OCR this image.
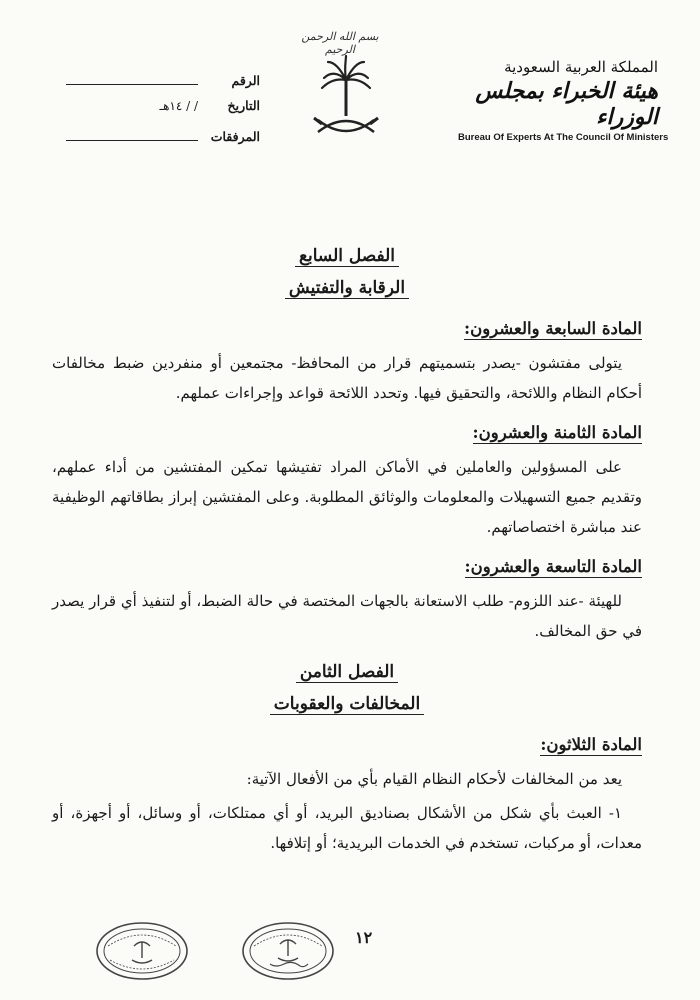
بسم الله الرحمن الرحيم
المملكة العربية السعودية
هيئة الخبراء بمجلس الوزراء
Bureau Of Experts At The Council Of Ministers
الرقم
التاريخ
/ / ١٤هـ
المرفقات
الفصل السابع
الرقابة والتفتيش
المادة السابعة والعشرون:

يتولى مفتشون -يصدر بتسميتهم قرار من المحافظ- مجتمعين أو منفردين ضبط مخالفات أحكام النظام واللائحة، والتحقيق فيها. وتحدد اللائحة قواعد وإجراءات عملهم.

المادة الثامنة والعشرون:

على المسؤولين والعاملين في الأماكن المراد تفتيشها تمكين المفتشين من أداء عملهم، وتقديم جميع التسهيلات والمعلومات والوثائق المطلوبة. وعلى المفتشين إبراز بطاقاتهم الوظيفية عند مباشرة اختصاصاتهم.

المادة التاسعة والعشرون:

للهيئة -عند اللزوم- طلب الاستعانة بالجهات المختصة في حالة الضبط، أو لتنفيذ أي قرار يصدر في حق المخالف.

الفصل الثامن
المخالفات والعقوبات
المادة الثلاثون:

يعد من المخالفات لأحكام النظام القيام بأي من الأفعال الآتية:

١- العبث بأي شكل من الأشكال بصناديق البريد، أو أي ممتلكات، أو وسائل، أو أجهزة، أو معدات، أو مركبات، تستخدم في الخدمات البريدية؛ أو إتلافها.

١٢
